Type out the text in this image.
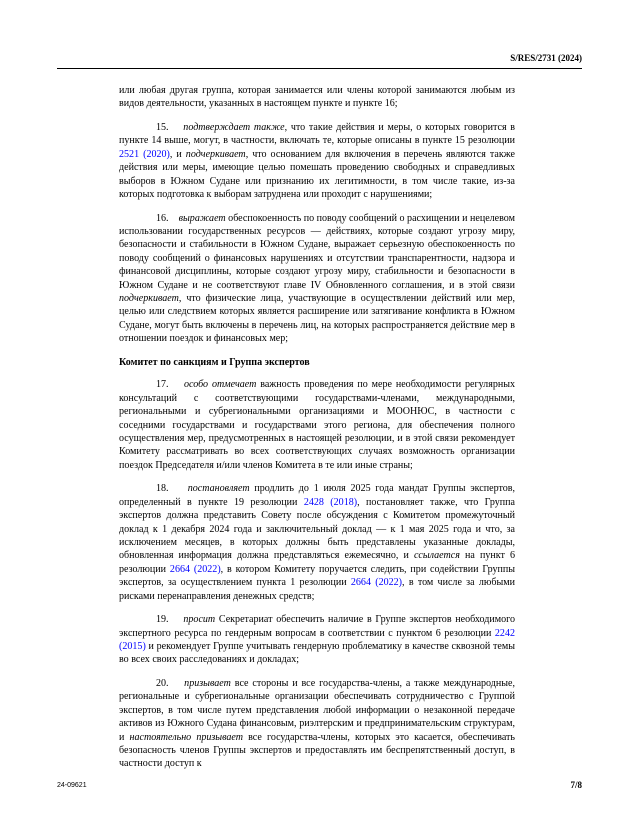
S/RES/2731 (2024)

или любая другая группа, которая занимается или члены которой занимаются любым из видов деятельности, указанных в настоящем пункте и пункте 16;

15. подтверждает также, что такие действия и меры, о которых говорится в пункте 14 выше, могут, в частности, включать те, которые описаны в пункте 15 резолюции 2521 (2020), и подчеркивает, что основанием для включения в перечень являются также действия или меры, имеющие целью помешать проведению свободных и справедливых выборов в Южном Судане или признанию их легитимности, в том числе такие, из-за которых подготовка к выборам затруднена или проходит с нарушениями;

16. выражает обеспокоенность по поводу сообщений о расхищении и нецелевом использовании государственных ресурсов — действиях, которые создают угрозу миру, безопасности и стабильности в Южном Судане, выражает серьезную обеспокоенность по поводу сообщений о финансовых нарушениях и отсутствии транспарентности, надзора и финансовой дисциплины, которые создают угрозу миру, стабильности и безопасности в Южном Судане и не соответствуют главе IV Обновленного соглашения, и в этой связи подчеркивает, что физические лица, участвующие в осуществлении действий или мер, целью или следствием которых является расширение или затягивание конфликта в Южном Судане, могут быть включены в перечень лиц, на которых распространяется действие мер в отношении поездок и финансовых мер;

Комитет по санкциям и Группа экспертов

17. особо отмечает важность проведения по мере необходимости регулярных консультаций с соответствующими государствами-членами, международными, региональными и субрегиональными организациями и МООНЮС, в частности с соседними государствами и государствами этого региона, для обеспечения полного осуществления мер, предусмотренных в настоящей резолюции, и в этой связи рекомендует Комитету рассматривать во всех соответствующих случаях возможность организации поездок Председателя и/или членов Комитета в те или иные страны;

18. постановляет продлить до 1 июля 2025 года мандат Группы экспертов, определенный в пункте 19 резолюции 2428 (2018), постановляет также, что Группа экспертов должна представить Совету после обсуждения с Комитетом промежуточный доклад к 1 декабря 2024 года и заключительный доклад — к 1 мая 2025 года и что, за исключением месяцев, в которых должны быть представлены указанные доклады, обновленная информация должна представляться ежемесячно, и ссылается на пункт 6 резолюции 2664 (2022), в котором Комитету поручается следить, при содействии Группы экспертов, за осуществлением пункта 1 резолюции 2664 (2022), в том числе за любыми рисками перенаправления денежных средств;

19. просит Секретариат обеспечить наличие в Группе экспертов необходимого экспертного ресурса по гендерным вопросам в соответствии с пунктом 6 резолюции 2242 (2015) и рекомендует Группе учитывать гендерную проблематику в качестве сквозной темы во всех своих расследованиях и докладах;

20. призывает все стороны и все государства-члены, а также международные, региональные и субрегиональные организации обеспечивать сотрудничество с Группой экспертов, в том числе путем представления любой информации о незаконной передаче активов из Южного Судана финансовым, риэлтерским и предпринимательским структурам, и настоятельно призывает все государства-члены, которых это касается, обеспечивать безопасность членов Группы экспертов и предоставлять им беспрепятственный доступ, в частности доступ к

24-09621	7/8
